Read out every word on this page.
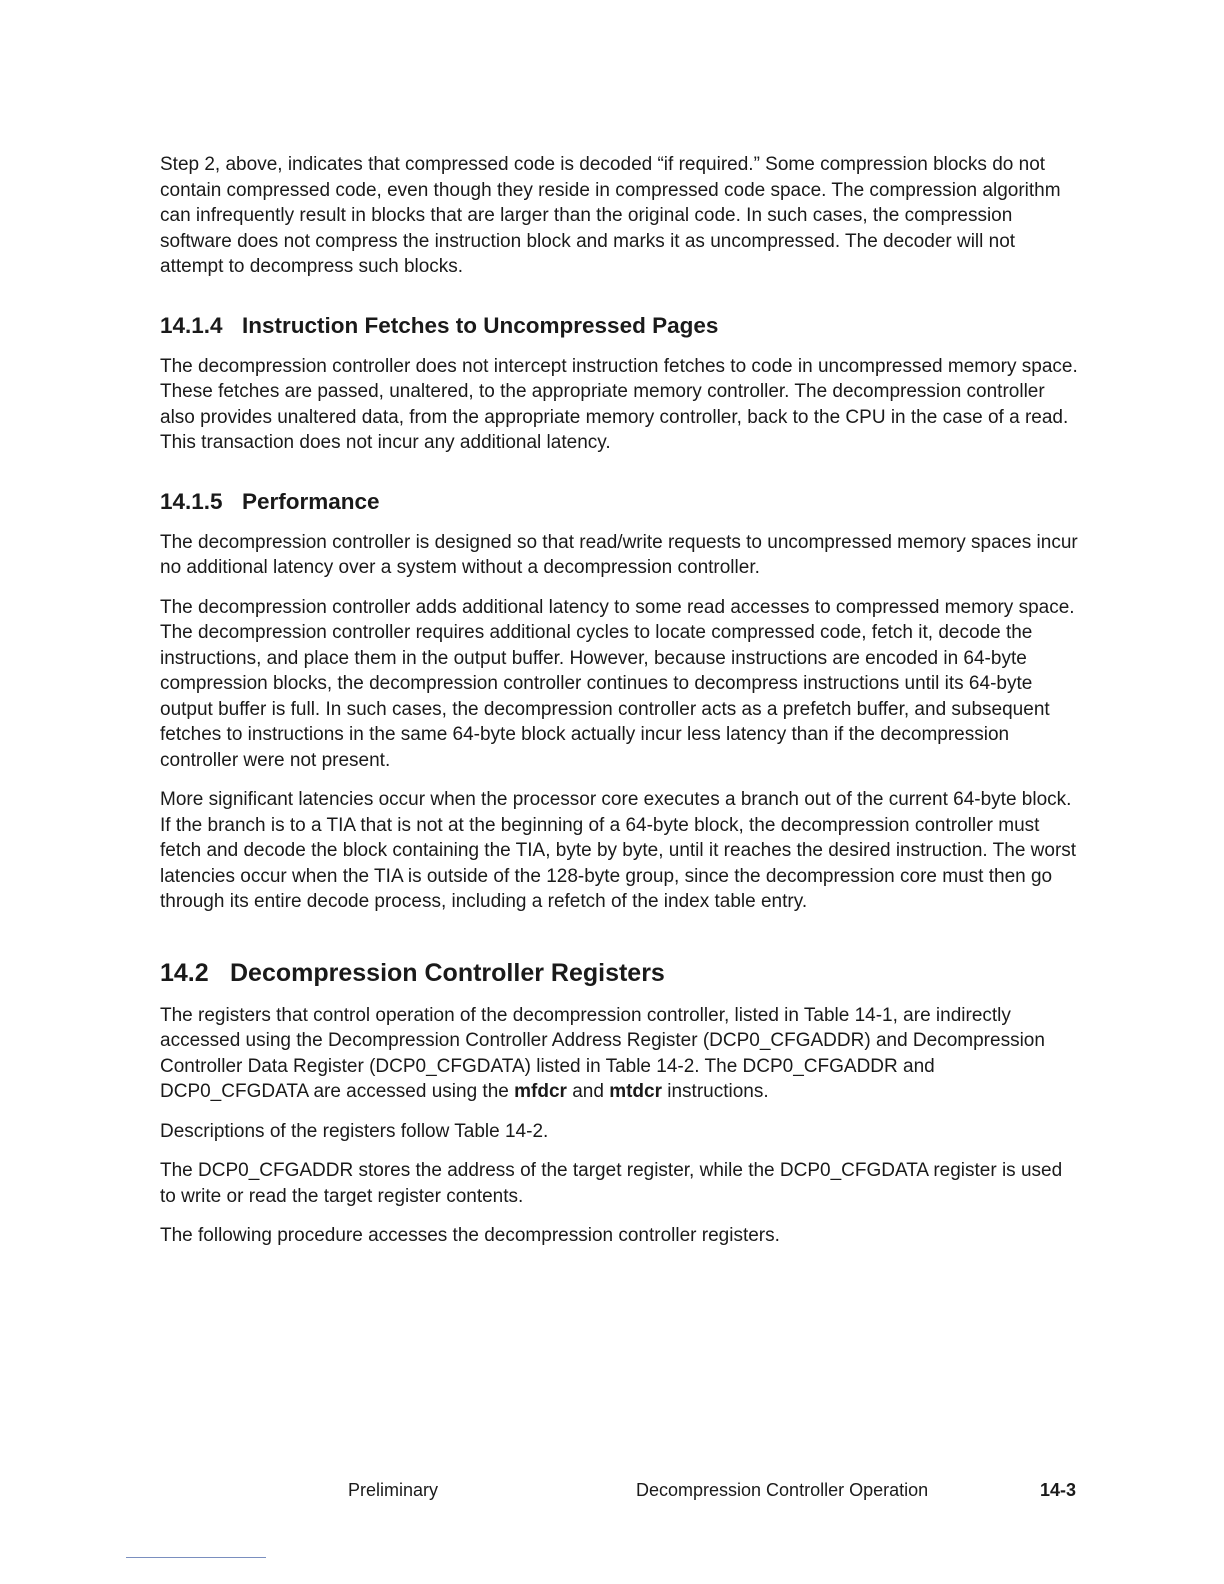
Step 2, above, indicates that compressed code is decoded “if required.” Some compression blocks do not contain compressed code, even though they reside in compressed code space. The compression algorithm can infrequently result in blocks that are larger than the original code. In such cases, the compression software does not compress the instruction block and marks it as uncompressed. The decoder will not attempt to decompress such blocks.

14.1.4 Instruction Fetches to Uncompressed Pages

The decompression controller does not intercept instruction fetches to code in uncompressed memory space. These fetches are passed, unaltered, to the appropriate memory controller. The decompression controller also provides unaltered data, from the appropriate memory controller, back to the CPU in the case of a read. This transaction does not incur any additional latency.

14.1.5 Performance

The decompression controller is designed so that read/write requests to uncompressed memory spaces incur no additional latency over a system without a decompression controller.

The decompression controller adds additional latency to some read accesses to compressed memory space. The decompression controller requires additional cycles to locate compressed code, fetch it, decode the instructions, and place them in the output buffer. However, because instructions are encoded in 64-byte compression blocks, the decompression controller continues to decompress instructions until its 64-byte output buffer is full. In such cases, the decompression controller acts as a prefetch buffer, and subsequent fetches to instructions in the same 64-byte block actually incur less latency than if the decompression controller were not present.

More significant latencies occur when the processor core executes a branch out of the current 64-byte block. If the branch is to a TIA that is not at the beginning of a 64-byte block, the decompression controller must fetch and decode the block containing the TIA, byte by byte, until it reaches the desired instruction. The worst latencies occur when the TIA is outside of the 128-byte group, since the decompression core must then go through its entire decode process, including a refetch of the index table entry.

14.2 Decompression Controller Registers

The registers that control operation of the decompression controller, listed in Table 14-1, are indirectly accessed using the Decompression Controller Address Register (DCP0_CFGADDR) and Decompression Controller Data Register (DCP0_CFGDATA) listed in Table 14-2. The DCP0_CFGADDR and DCP0_CFGDATA are accessed using the mfdcr and mtdcr instructions.

Descriptions of the registers follow Table 14-2.

The DCP0_CFGADDR stores the address of the target register, while the DCP0_CFGDATA register is used to write or read the target register contents.

The following procedure accesses the decompression controller registers.

Preliminary	Decompression Controller Operation	14-3
